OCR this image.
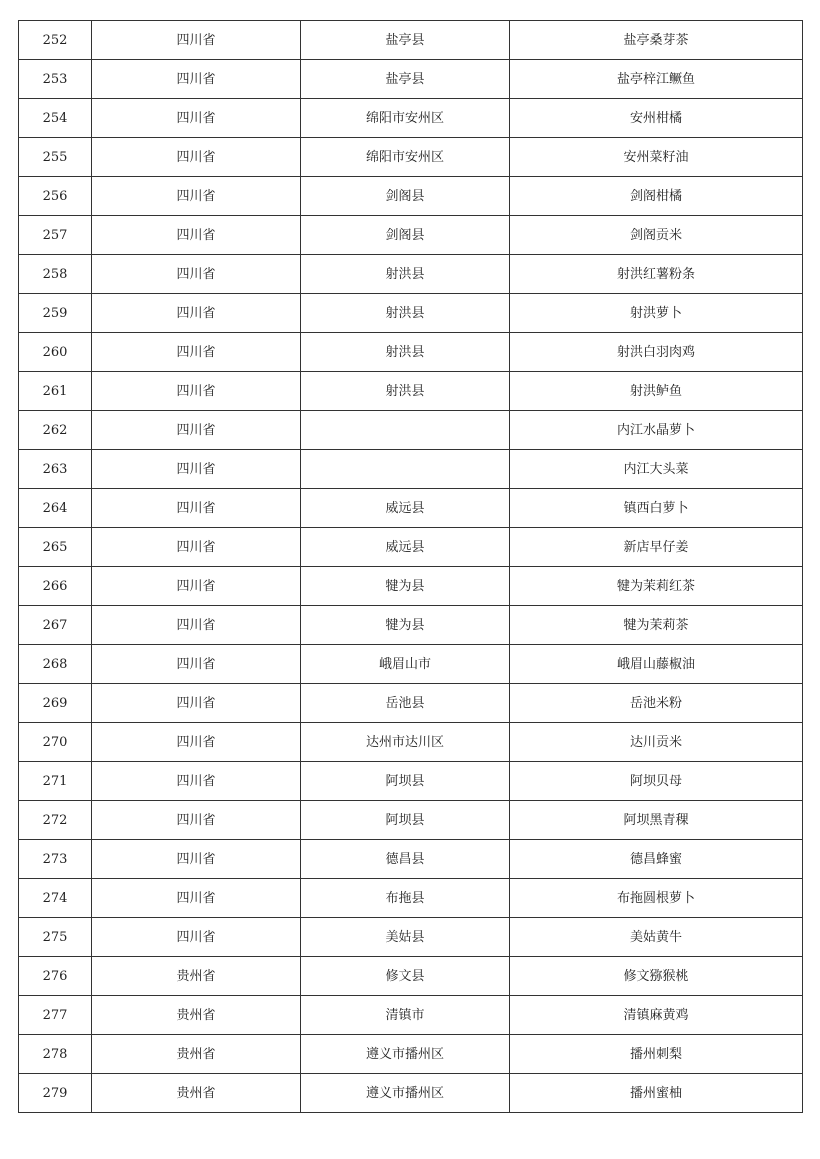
252	四川省	盐亭县	盐亭桑芽茶
253	四川省	盐亭县	盐亭梓江鳜鱼
254	四川省	绵阳市安州区	安州柑橘
255	四川省	绵阳市安州区	安州菜籽油
256	四川省	剑阁县	剑阁柑橘
257	四川省	剑阁县	剑阁贡米
258	四川省	射洪县	射洪红薯粉条
259	四川省	射洪县	射洪萝卜
260	四川省	射洪县	射洪白羽肉鸡
261	四川省	射洪县	射洪鲈鱼
262	四川省		内江水晶萝卜
263	四川省		内江大头菜
264	四川省	威远县	镇西白萝卜
265	四川省	威远县	新店早仔姜
266	四川省	犍为县	犍为茉莉红茶
267	四川省	犍为县	犍为茉莉茶
268	四川省	峨眉山市	峨眉山藤椒油
269	四川省	岳池县	岳池米粉
270	四川省	达州市达川区	达川贡米
271	四川省	阿坝县	阿坝贝母
272	四川省	阿坝县	阿坝黑青稞
273	四川省	德昌县	德昌蜂蜜
274	四川省	布拖县	布拖圆根萝卜
275	四川省	美姑县	美姑黄牛
276	贵州省	修文县	修文猕猴桃
277	贵州省	清镇市	清镇麻黄鸡
278	贵州省	遵义市播州区	播州刺梨
279	贵州省	遵义市播州区	播州蜜柚
